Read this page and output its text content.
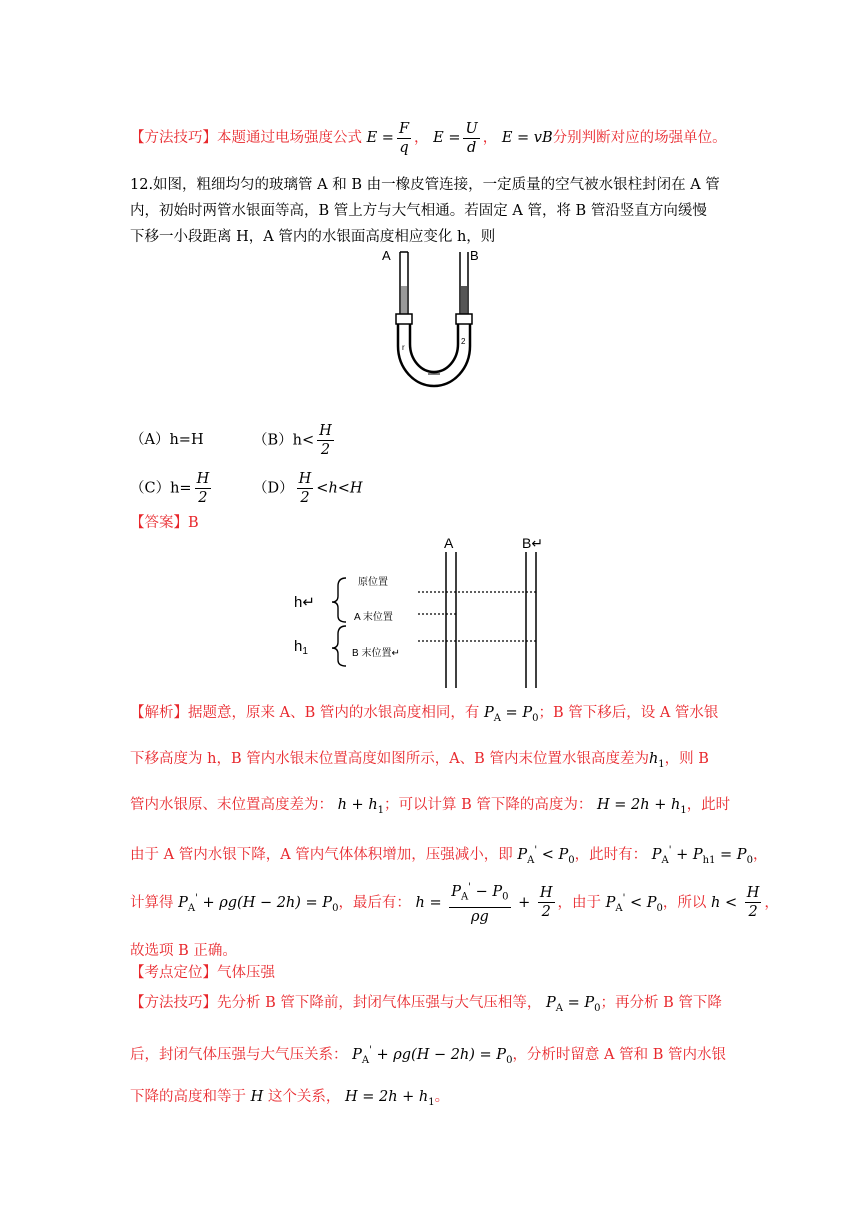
【方法技巧】本题通过电场强度公式 $E = \frac{F}{q}$ ， $E = \frac{U}{d}$ ， E = vB分别判断对应的场强单位。
12.如图，粗细均匀的玻璃管 A 和 B 由一橡皮管连接，一定质量的空气被水银柱封闭在 A 管
内，初始时两管水银面等高，B 管上方与大气相通。若固定 A 管，将 B 管沿竖直方向缓慢
下移一小段距离 H，A 管内的水银面高度相应变化 h，则
A	B
r
2
（A）h=H	$(B)h< \frac{H}{2}$
$(C)h= \frac{H}{2}$	$(D) \frac{H}{2} <h<H$
【答案】B
A	B↵
原位置
A 末位置
B 末位置↵
h↵
$h_1$
【解析】据题意，原来 A、B 管内的水银高度相同，有 $P_A = P_0$；B 管下移后，设 A 管水银
下移高度为 h，B 管内水银末位置高度如图所示，A、B 管内末位置水银高度差为$h_1$，则 B
管内水银原、末位置高度差为： $h + h_1$；可以计算 B 管下降的高度为： $H = 2h + h_1$，此时
由于 A 管内水银下降，A 管内气体体积增加，压强减小，即 $P_A' < P_0$，此时有： $P_A' + P_{h1} = P_0$，
计算得 $P_A' + \rho g(H - 2h) = P_0$，最后有： $h = \frac{P_A' - P_0}{\rho g} + \frac{H}{2}$ ，由于 $P_A' < P_0$，所以 $h < \frac{H}{2}$ ，
故选项 B 正确。
【考点定位】气体压强
【方法技巧】先分析 B 管下降前，封闭气体压强与大气压相等， $P_A = P_0$；再分析 B 管下降
后，封闭气体压强与大气压关系： $P_A' + \rho g(H - 2h) = P_0$，分析时留意 A 管和 B 管内水银
下降的高度和等于 H 这个关系， $H = 2h + h_1$。
